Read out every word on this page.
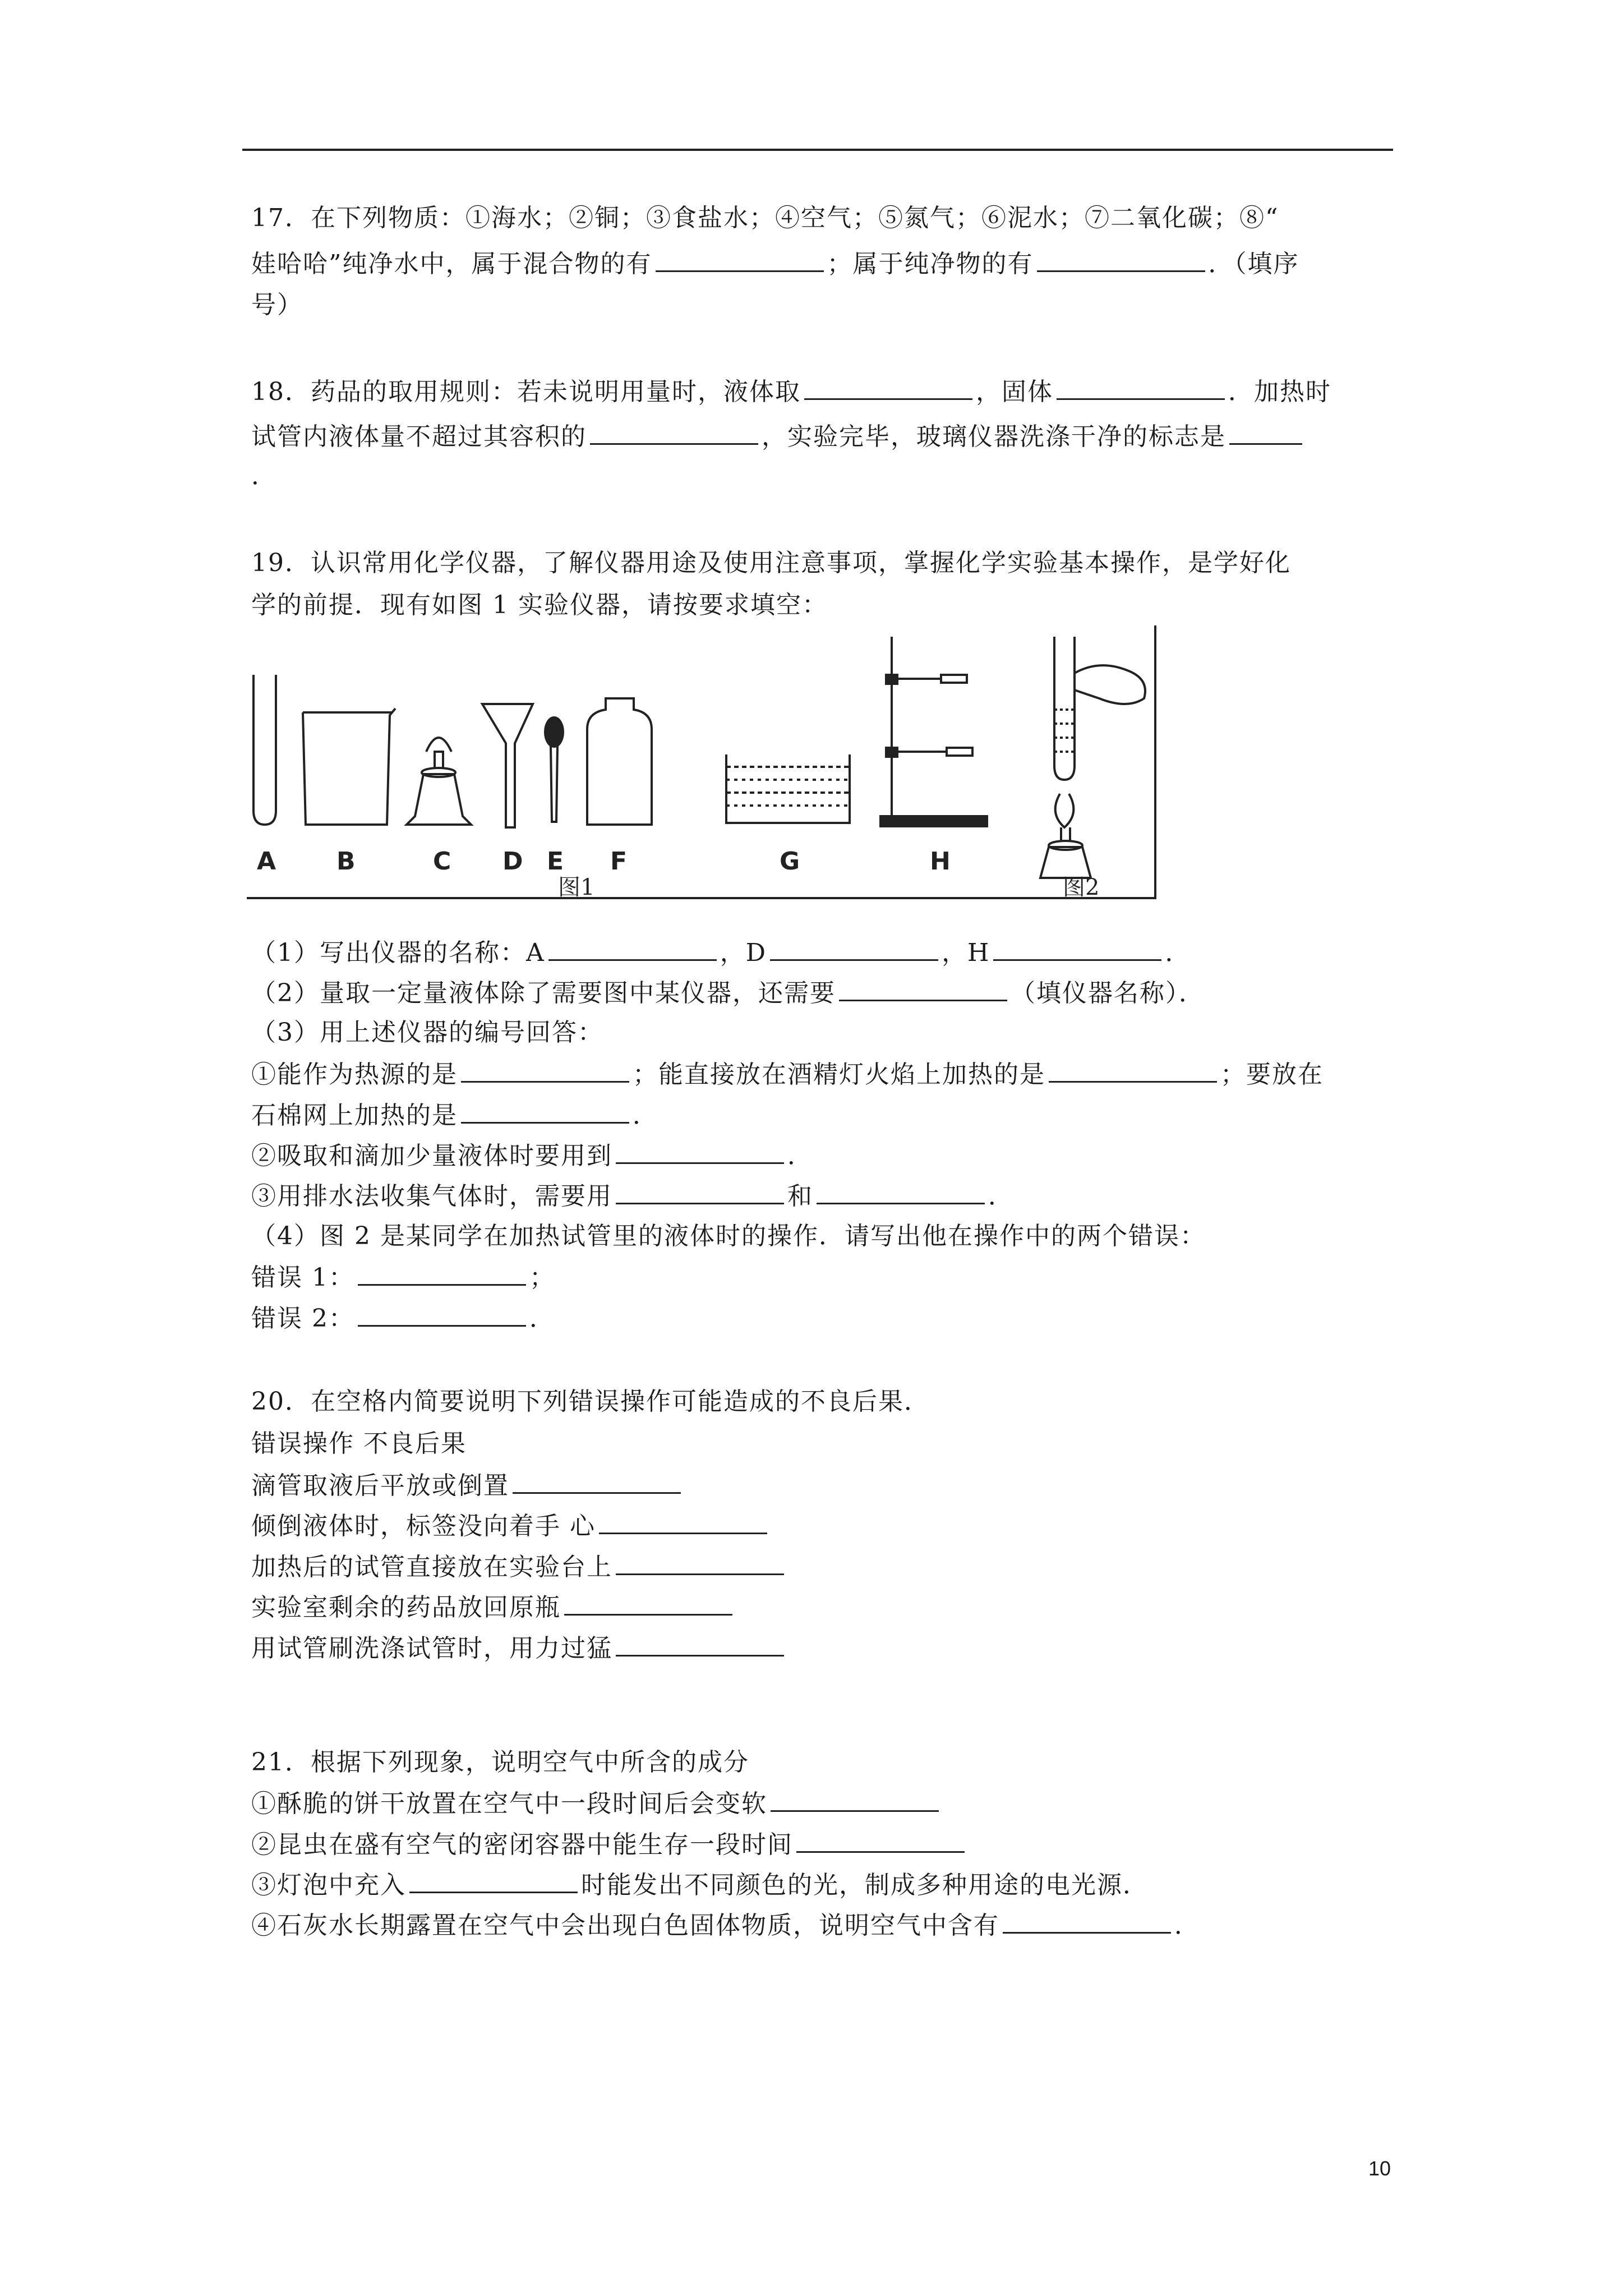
17．在下列物质：①海水；②铜；③食盐水；④空气；⑤氮气；⑥泥水；⑦二氧化碳；⑧“
娃哈哈”纯净水中，属于混合物的有	；属于纯净物的有	．（填序
号）
18．药品的取用规则：若未说明用量时，液体取	，固体	．加热时
试管内液体量不超过其容积的	，实验完毕，玻璃仪器洗涤干净的标志是
．
19．认识常用化学仪器，了解仪器用途及使用注意事项，掌握化学实验基本操作，是学好化
学的前提．现有如图 1 实验仪器，请按要求填空：
A B	C D E F	G	H
图1	图2
（1）写出仪器的名称：A	，D	，H	．
（2）量取一定量液体除了需要图中某仪器，还需要	（填仪器名称）．
（3）用上述仪器的编号回答：
①能作为热源的是	；能直接放在酒精灯火焰上加热的是	；要放在
石棉网上加热的是	．
②吸取和滴加少量液体时要用到	．
③用排水法收集气体时，需要用	和	．
（4）图 2 是某同学在加热试管里的液体时的操作．请写出他在操作中的两个错误：
错误 1：	；
错误 2：	．
20．在空格内简要说明下列错误操作可能造成的不良后果．
错误操作 不良后果
滴管取液后平放或倒置
倾倒液体时，标签没向着手 心
加热后的试管直接放在实验台上
实验室剩余的药品放回原瓶
用试管刷洗涤试管时，用力过猛
21．根据下列现象，说明空气中所含的成分
①酥脆的饼干放置在空气中一段时间后会变软
②昆虫在盛有空气的密闭容器中能生存一段时间
③灯泡中充入	时能发出不同颜色的光，制成多种用途的电光源．
④石灰水长期露置在空气中会出现白色固体物质，说明空气中含有	．
10
